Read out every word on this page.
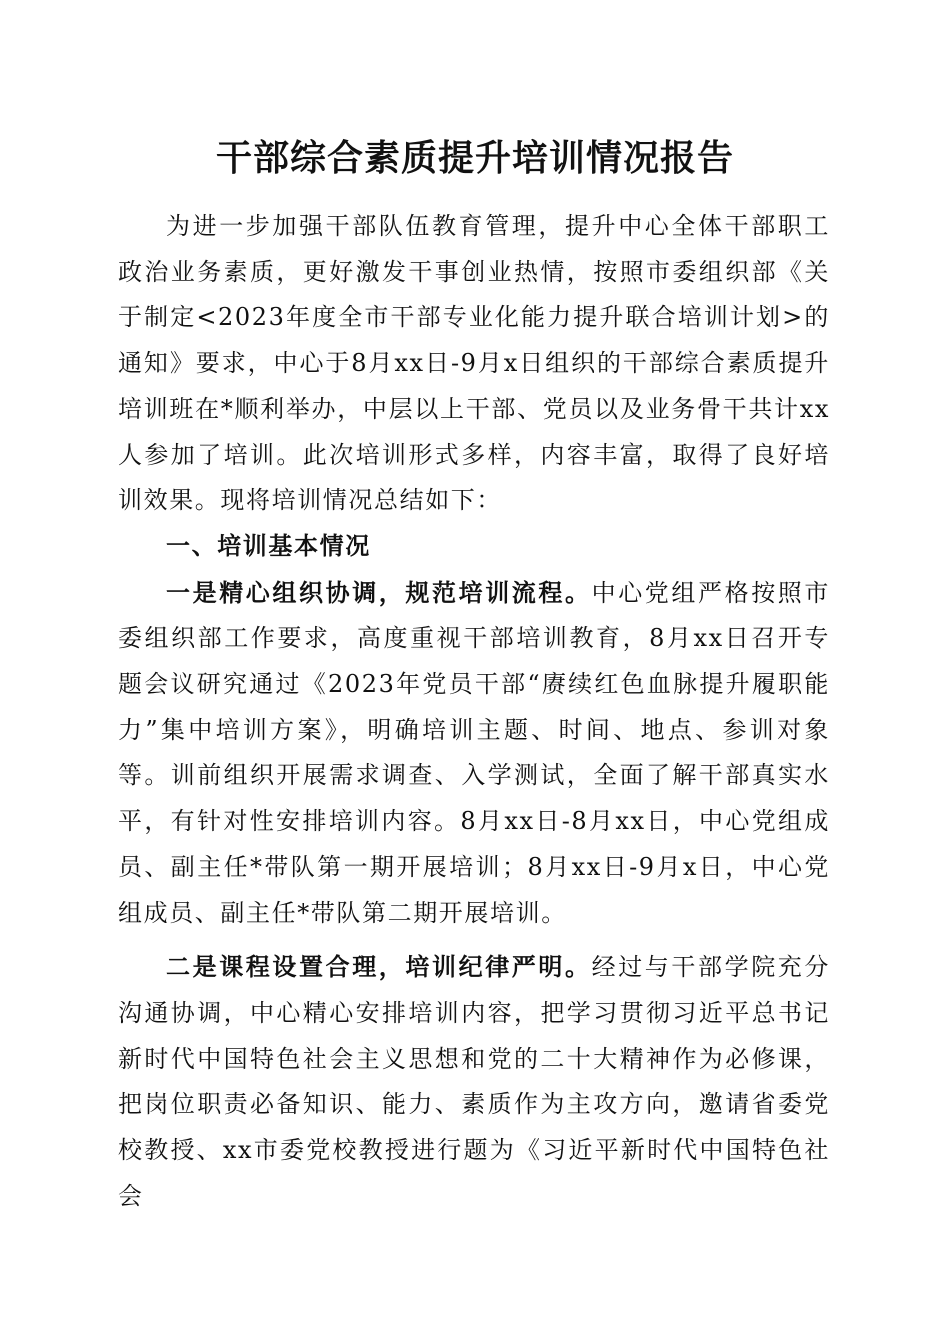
干部综合素质提升培训情况报告

为进一步加强干部队伍教育管理，提升中心全体干部职工政治业务素质，更好激发干事创业热情，按照市委组织部《关于制定<2023年度全市干部专业化能力提升联合培训计划>的通知》要求，中心于8月xx日-9月x日组织的干部综合素质提升培训班在*顺利举办，中层以上干部、党员以及业务骨干共计xx人参加了培训。此次培训形式多样，内容丰富，取得了良好培训效果。现将培训情况总结如下：

一、培训基本情况

一是精心组织协调，规范培训流程。中心党组严格按照市委组织部工作要求，高度重视干部培训教育，8月xx日召开专题会议研究通过《2023年党员干部“赓续红色血脉提升履职能力”集中培训方案》，明确培训主题、时间、地点、参训对象等。训前组织开展需求调查、入学测试，全面了解干部真实水平，有针对性安排培训内容。8月xx日-8月xx日，中心党组成员、副主任*带队第一期开展培训；8月xx日-9月x日，中心党组成员、副主任*带队第二期开展培训。

二是课程设置合理，培训纪律严明。经过与干部学院充分沟通协调，中心精心安排培训内容，把学习贯彻习近平总书记新时代中国特色社会主义思想和党的二十大精神作为必修课，把岗位职责必备知识、能力、素质作为主攻方向，邀请省委党校教授、xx市委党校教授进行题为《习近平新时代中国特色社会
